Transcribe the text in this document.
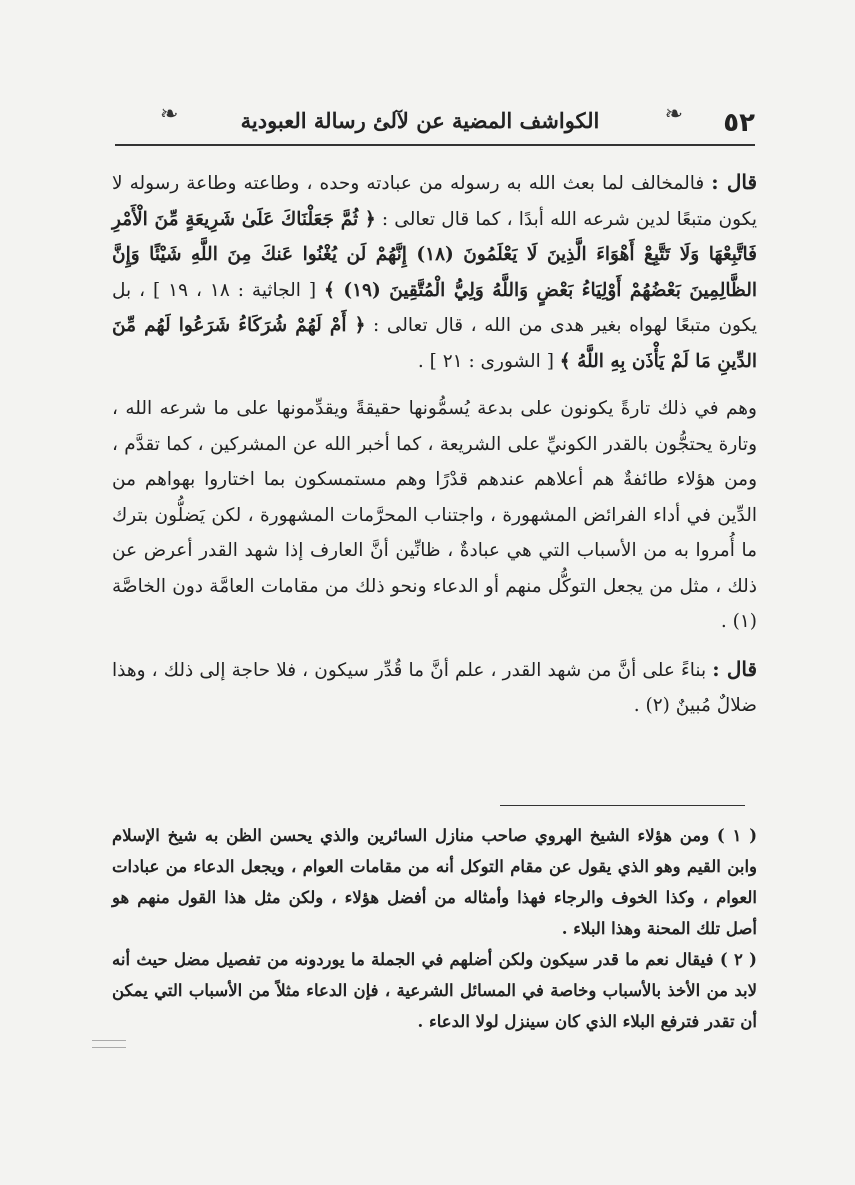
٥٢
❧
الكواشف المضية عن لآلئ رسالة العبودية
❧

قال : فالمخالف لما بعث الله به رسوله من عبادته وحده ، وطاعته وطاعة رسوله لا يكون متبعًا لدين شرعه الله أبدًا ، كما قال تعالى : ﴿ ثُمَّ جَعَلْنَاكَ عَلَىٰ شَرِيعَةٍ مِّنَ الْأَمْرِ فَاتَّبِعْهَا وَلَا تَتَّبِعْ أَهْوَاءَ الَّذِينَ لَا يَعْلَمُونَ (١٨) إِنَّهُمْ لَن يُغْنُوا عَنكَ مِنَ اللَّهِ شَيْئًا وَإِنَّ الظَّالِمِينَ بَعْضُهُمْ أَوْلِيَاءُ بَعْضٍ وَاللَّهُ وَلِيُّ الْمُتَّقِينَ (١٩) ﴾ [ الجاثية : ١٨ ، ١٩ ] ، بل يكون متبعًا لهواه بغير هدى من الله ، قال تعالى : ﴿ أَمْ لَهُمْ شُرَكَاءُ شَرَعُوا لَهُم مِّنَ الدِّينِ مَا لَمْ يَأْذَن بِهِ اللَّهُ ﴾ [ الشورى : ٢١ ] .

وهم في ذلك تارةً يكونون على بدعة يُسمُّونها حقيقةً ويقدِّمونها على ما شرعه الله ، وتارة يحتجُّون بالقدر الكونيِّ على الشريعة ، كما أخبر الله عن المشركين ، كما تقدَّم ، ومن هؤلاء طائفةٌ هم أعلاهم عندهم قدْرًا وهم مستمسكون بما اختاروا بهواهم من الدِّين في أداء الفرائض المشهورة ، واجتناب المحرَّمات المشهورة ، لكن يَضلُّون بترك ما أُمروا به من الأسباب التي هي عبادةٌ ، ظانِّين أنَّ العارف إذا شهد القدر أعرض عن ذلك ، مثل من يجعل التوكُّل منهم أو الدعاء ونحو ذلك من مقامات العامَّة دون الخاصَّة (١) .

قال : بناءً على أنَّ من شهد القدر ، علم أنَّ ما قُدِّر سيكون ، فلا حاجة إلى ذلك ، وهذا ضلالٌ مُبينٌ (٢) .

( ١ ) ومن هؤلاء الشيخ الهروي صاحب منازل السائرين والذي يحسن الظن به شيخ الإسلام وابن القيم وهو الذي يقول عن مقام التوكل أنه من مقامات العوام ، ويجعل الدعاء من عبادات العوام ، وكذا الخوف والرجاء فهذا وأمثاله من أفضل هؤلاء ، ولكن مثل هذا القول منهم هو أصل تلك المحنة وهذا البلاء .

( ٢ ) فيقال نعم ما قدر سيكون ولكن أضلهم في الجملة ما يوردونه من تفصيل مضل حيث أنه لابد من الأخذ بالأسباب وخاصة في المسائل الشرعية ، فإن الدعاء مثلاً من الأسباب التي يمكن أن تقدر فترفع البلاء الذي كان سينزل لولا الدعاء .
